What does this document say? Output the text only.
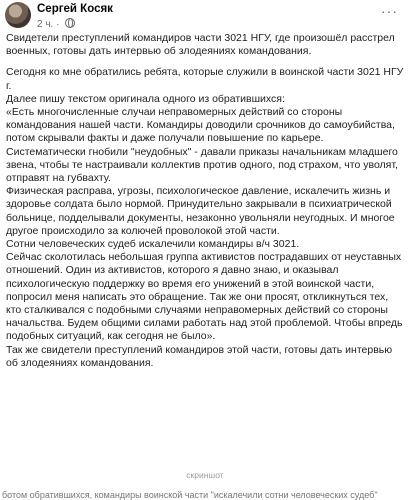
Сергей Косяк
2 ч. ·
···

Свидетели преступлений командиров части 3021 НГУ, где произошёл расстрел военных, готовы дать интервью об злодеяниях командования.

Сегодня ко мне обратились ребята, которые служили в воинской части 3021 НГУ г.

Далее пишу текстом оригинала одного из обратившихся:

«Есть многочисленные случаи неправомерных действий со стороны командования нашей части. Командиры доводили срочников до самоубийства, потом скрывали факты и даже получали повышение по карьере.

Систематически гнобили "неудобных" - давали приказы начальникам младшего звена, чтобы те настраивали коллектив против одного, под страхом, что уволят, отправят на губвахту.

Физическая расправа, угрозы, психологическое давление, искалечить жизнь и здоровье солдата было нормой. Принудительно закрывали в психиатрической больнице, подделывали документы, незаконно увольняли неугодных. И многое другое происходило за колючей проволокой этой части.

Сотни человеческих судеб искалечили командиры в/ч 3021.

Сейчас сколотилась небольшая группа активистов пострадавших от неуставных отношений. Один из активистов, которого я давно знаю, и оказывал психологическую поддержку во время его унижений в этой воинской части, попросил меня написать это обращение. Так же они просят, откликнуться тех, кто сталкивался с подобными случаями неправомерных действий со стороны начальства. Будем общими силами работать над этой проблемой. Чтобы впредь подобных ситуаций, как сегодня не было».

Так же свидетели преступлений командиров этой части, готовы дать интервью об злодеяниях командования.

скриншот
ботом обратившихся, командиры воинской части "искалечили сотни человеческих судеб"
